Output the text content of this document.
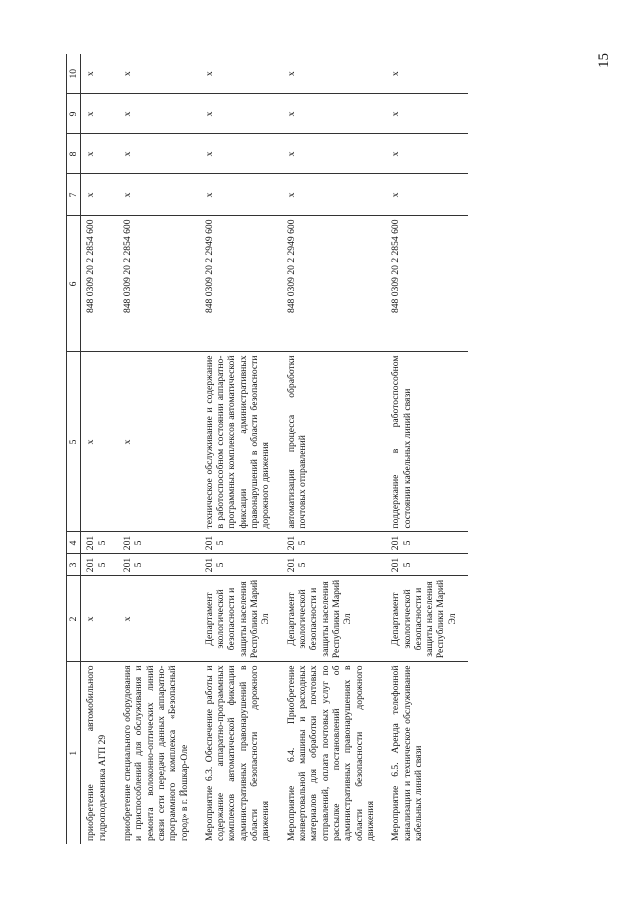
15
1	2	3	4	5	6	7	8	9	10
приобретение автомобильного гидроподъемника АГП 29	х	2015	2015	х	848 0309 20 2 2854 600	х	х	х	х
приобретение специального оборудования и приспособлений для обслуживания и ремонта волоконно-оптических линий связи сети передачи данных аппаратно-программного комплекса «Безопасный город» в г. Йошкар-Оле	х	2015	2015	х	848 0309 20 2 2854 600	х	х	х	х
Мероприятие 6.3. Обеспечение работы и содержание аппаратно-программных комплексов автоматической фиксации административных правонарушений в области безопасности дорожного движения	Департамент экологической безопасности и защиты населения Республики Марий Эл	2015	2015	техническое обслуживание и содержание в работоспособном состоянии аппаратно-программных комплексов автоматической фиксации административных правонарушений в области безопасности дорожного движения	848 0309 20 2 2949 600	х	х	х	х
Мероприятие 6.4. Приобретение конвертовальной машины и расходных материалов для обработки почтовых отправлений, оплата почтовых услуг по рассылке постановлений об административных правонарушениях в области безопасности дорожного движения	Департамент экологической безопасности и защиты населения Республики Марий Эл	2015	2015	автоматизация процесса обработки почтовых отправлений	848 0309 20 2 2949 600	х	х	х	х
Мероприятие 6.5. Аренда телефонной канализации и техническое обслуживание кабельных линий связи	Департамент экологической безопасности и защиты населения Республики Марий Эл	2015	2015	поддержание в работоспособном состоянии кабельных линий связи	848 0309 20 2 2854 600	х	х	х	х
